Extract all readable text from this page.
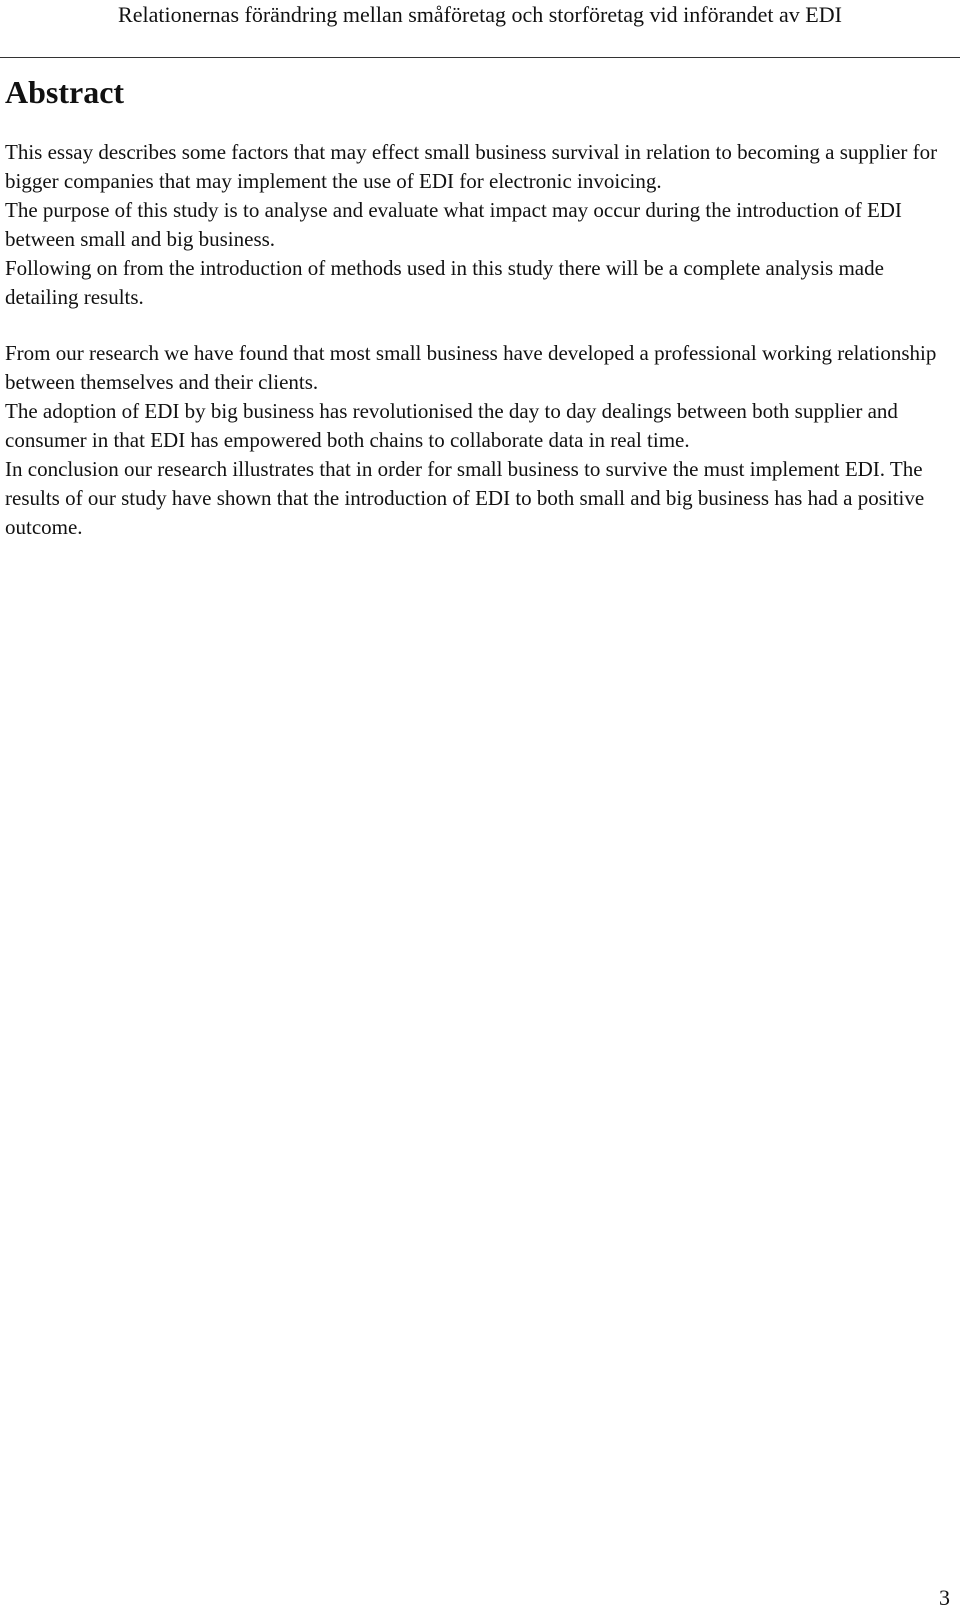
Relationernas förändring mellan småföretag och storföretag vid införandet av EDI
Abstract

This essay describes some factors that may effect small business survival in relation to becoming a supplier for bigger companies that may implement the use of EDI for electronic invoicing.

The purpose of this study is to analyse and evaluate what impact may occur during the introduction of EDI between small and big business.

Following on from the introduction of methods used in this study there will be a complete analysis made detailing results.

From our research we have found that most small business have developed a professional working relationship between themselves and their clients.

The adoption of EDI by big business has revolutionised the day to day dealings between both supplier and consumer in that EDI has empowered both chains to collaborate data in real time.

In conclusion our research illustrates that in order for small business to survive the must implement EDI. The results of our study have shown that the introduction of EDI to both small and big business has had a positive outcome.

3
